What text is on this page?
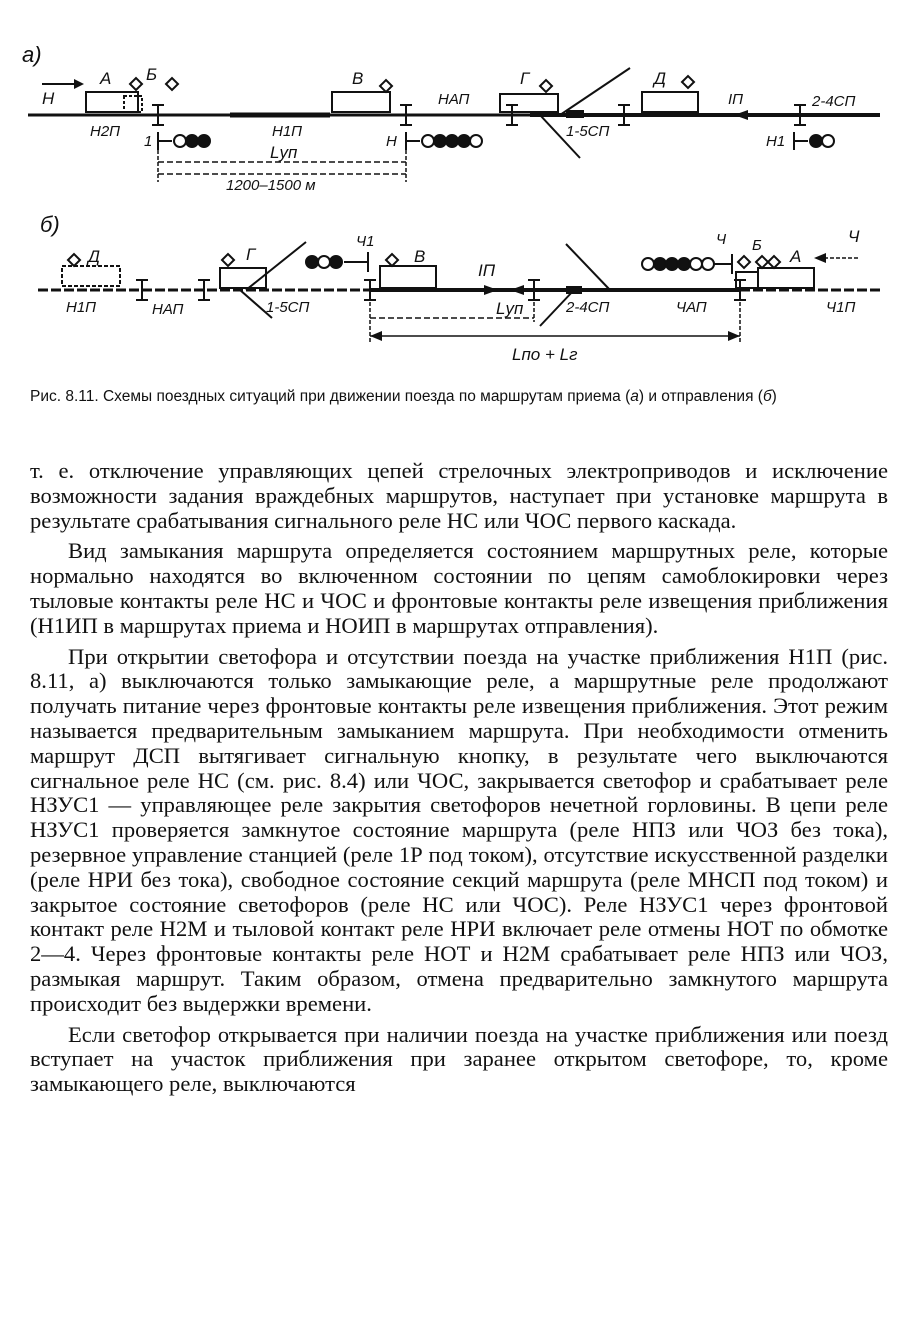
а)
Н
А Б	В	Г	Д
Н2П	Н1П
НАП
1-5СП
IП	2-4СП
1	Н	Н1
Lуп
1200–1500 м
б)	Ч
Д	Г	В
Ч Б
А
Ч1
Н1П	НАП	1-5СП
IП
2-4СП	ЧАП	Ч1П
Lуп
Lпо + Lг
Рис. 8.11. Схемы поездных ситуаций при движении поезда по маршрутам приема (а) и отправления (б)

т. е. отключение управляющих цепей стрелочных электроприводов и исключение возможности задания враждебных маршрутов, наступает при установке маршрута в результате срабатывания сигнального реле НС или ЧОС первого каскада.

Вид замыкания маршрута определяется состоянием маршрутных реле, которые нормально находятся во включенном состоянии по цепям самоблокировки через тыловые контакты реле НС и ЧОС и фронтовые контакты реле извещения приближения (Н1ИП в маршрутах приема и НОИП в маршрутах отправления).

При открытии светофора и отсутствии поезда на участке приближения Н1П (рис. 8.11, а) выключаются только замыкающие реле, а маршрутные реле продолжают получать питание через фронтовые контакты реле извещения приближения. Этот режим называется предварительным замыканием маршрута. При необходимости отменить маршрут ДСП вытягивает сигнальную кнопку, в результате чего выключаются сигнальное реле НС (см. рис. 8.4) или ЧОС, закрывается светофор и срабатывает реле НЗУС1 — управляющее реле закрытия светофоров нечетной горловины. В цепи реле НЗУС1 проверяется замкнутое состояние маршрута (реле НПЗ или ЧОЗ без тока), резервное управление станцией (реле 1Р под током), отсутствие искусственной разделки (реле НРИ без тока), свободное состояние секций маршрута (реле МНСП под током) и закрытое состояние светофоров (реле НС или ЧОС). Реле НЗУС1 через фронтовой контакт реле Н2М и тыловой контакт реле НРИ включает реле отмены НОТ по обмотке 2—4. Через фронтовые контакты реле НОТ и Н2М срабатывает реле НПЗ или ЧОЗ, размыкая маршрут. Таким образом, отмена предварительно замкнутого маршрута происходит без выдержки времени.

Если светофор открывается при наличии поезда на участке приближения или поезд вступает на участок приближения при заранее открытом светофоре, то, кроме замыкающего реле, выключаются
